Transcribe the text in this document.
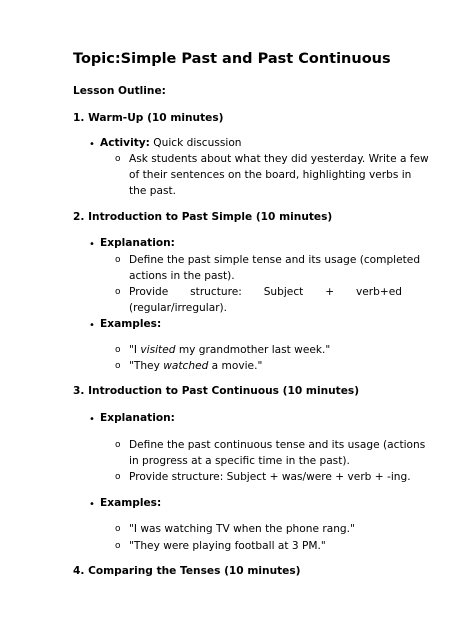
Topic:Simple Past and Past Continuous
Lesson Outline:
1. Warm-Up (10 minutes)
• Activity: Quick discussion
o Ask students about what they did yesterday. Write a few
of their sentences on the board, highlighting verbs in
the past.
2. Introduction to Past Simple (10 minutes)
• Explanation:
o Define the past simple tense and its usage (completed
actions in the past).
o Provide structure: Subject + verb+ed
(regular/irregular).
• Examples:
o "I visited my grandmother last week."
o "They watched a movie."
3. Introduction to Past Continuous (10 minutes)
• Explanation:
o Define the past continuous tense and its usage (actions
in progress at a specific time in the past).
o Provide structure: Subject + was/were + verb + -ing.
• Examples:
o "I was watching TV when the phone rang."
o "They were playing football at 3 PM."
4. Comparing the Tenses (10 minutes)
